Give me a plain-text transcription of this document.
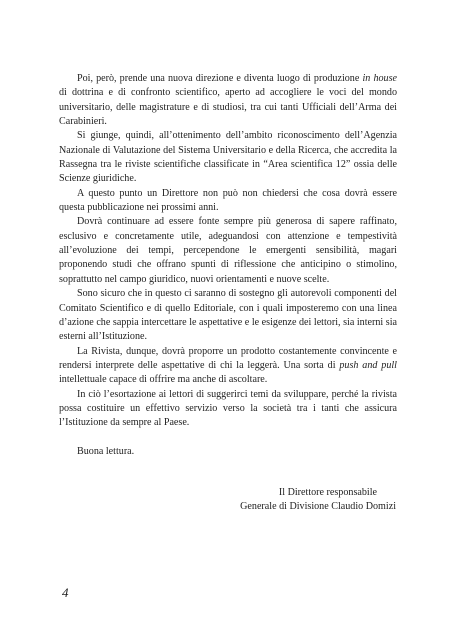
Poi, però, prende una nuova direzione e diventa luogo di produzione in house di dottrina e di confronto scientifico, aperto ad accogliere le voci del mondo universitario, delle magistrature e di studiosi, tra cui tanti Ufficiali dell’Arma dei Carabinieri.

Si giunge, quindi, all’ottenimento dell’ambito riconoscimento dell’Agenzia Nazionale di Valutazione del Sistema Universitario e della Ricerca, che accredita la Rassegna tra le riviste scientifiche classificate in “Area scientifica 12” ossia delle Scienze giuridiche.

A questo punto un Direttore non può non chiedersi che cosa dovrà essere questa pubblicazione nei prossimi anni.

Dovrà continuare ad essere fonte sempre più generosa di sapere raffinato, esclusivo e concretamente utile, adeguandosi con attenzione e tempestività all’evoluzione dei tempi, percependone le emergenti sensibilità, magari proponendo studi che offrano spunti di riflessione che anticipino o stimolino, soprattutto nel campo giuridico, nuovi orientamenti e nuove scelte.

Sono sicuro che in questo ci saranno di sostegno gli autorevoli componenti del Comitato Scientifico e di quello Editoriale, con i quali imposteremo con una linea d’azione che sappia intercettare le aspettative e le esigenze dei lettori, sia interni sia esterni all’Istituzione.

La Rivista, dunque, dovrà proporre un prodotto costantemente convincente e rendersi interprete delle aspettative di chi la leggerà. Una sorta di push and pull intellettuale capace di offrire ma anche di ascoltare.

In ciò l’esortazione ai lettori di suggerirci temi da sviluppare, perché la rivista possa costituire un effettivo servizio verso la società tra i tanti che assicura l’Istituzione da sempre al Paese.

Buona lettura.

Il Direttore responsabile
Generale di Divisione Claudio Domizi
4
